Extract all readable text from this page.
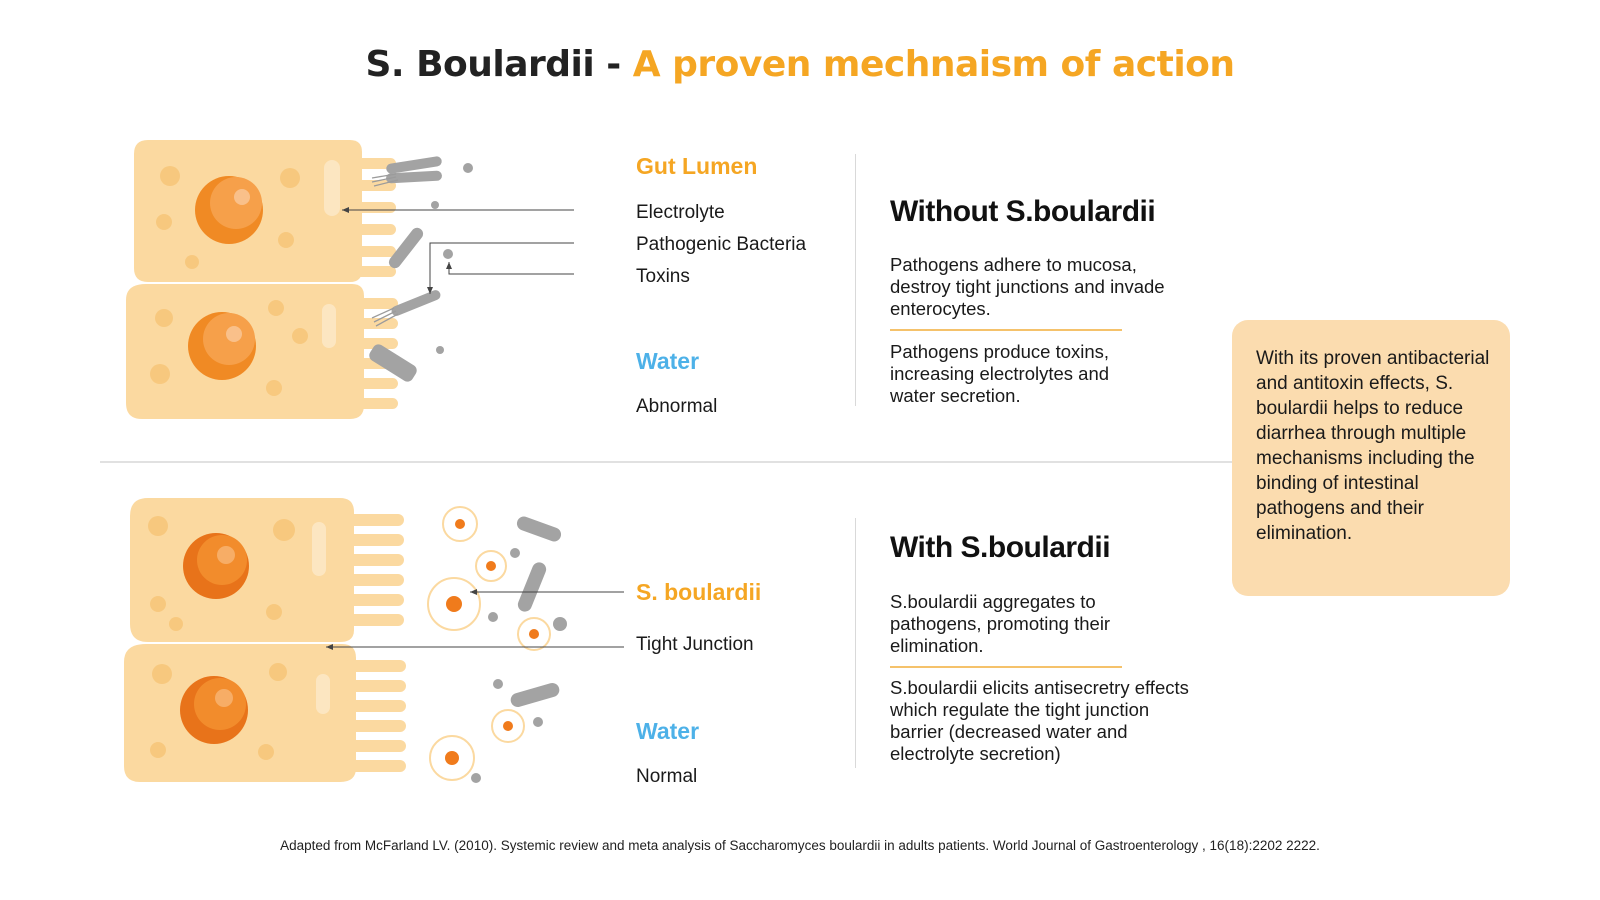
S. Boulardii - A proven mechnaism of action
Gut Lumen
Electrolyte
Pathogenic Bacteria
Toxins
Water
Abnormal
Without S.boulardii
Pathogens adhere to mucosa, destroy tight junctions and invade enterocytes.
Pathogens produce toxins, increasing electrolytes and water secretion.
S. boulardii
Tight Junction
Water
Normal
With S.boulardii
S.boulardii aggregates to pathogens, promoting their elimination.
S.boulardii elicits antisecretry effects which regulate the tight junction barrier (decreased water and electrolyte secretion)
With its proven antibacterial and antitoxin effects, S. boulardii helps to reduce diarrhea through multiple mechanisms including the binding of intestinal pathogens and their elimination.
Adapted from McFarland LV. (2010). Systemic review and meta analysis of Saccharomyces boulardii in adults patients. World Journal of Gastroenterology , 16(18):2202 2222.
